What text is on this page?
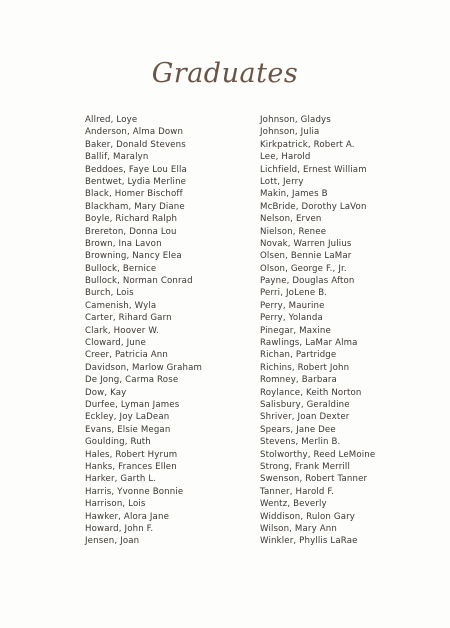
Graduates
Allred, Loye
Anderson, Alma Down
Baker, Donald Stevens
Ballif, Maralyn
Beddoes, Faye Lou Ella
Bentwet, Lydia Merline
Black, Homer Bischoff
Blackham, Mary Diane
Boyle, Richard Ralph
Brereton, Donna Lou
Brown, Ina Lavon
Browning, Nancy Elea
Bullock, Bernice
Bullock, Norman Conrad
Burch, Lois
Camenish, Wyla
Carter, Rihard Garn
Clark, Hoover W.
Cloward, June
Creer, Patricia Ann
Davidson, Marlow Graham
De Jong, Carma Rose
Dow, Kay
Durfee, Lyman James
Eckley, Joy LaDean
Evans, Elsie Megan
Goulding, Ruth
Hales, Robert Hyrum
Hanks, Frances Ellen
Harker, Garth L.
Harris, Yvonne Bonnie
Harrison, Lois
Hawker, Alora Jane
Howard, John F.
Jensen, Joan
Johnson, Gladys
Johnson, Julia
Kirkpatrick, Robert A.
Lee, Harold
Lichfield, Ernest William
Lott, Jerry
Makin, James B
McBride, Dorothy LaVon
Nelson, Erven
Nielson, Renee
Novak, Warren Julius
Olsen, Bennie LaMar
Olson, George F., Jr.
Payne, Douglas Afton
Perri, JoLene B.
Perry, Maurine
Perry, Yolanda
Pinegar, Maxine
Rawlings, LaMar Alma
Richan, Partridge
Richins, Robert John
Romney, Barbara
Roylance, Keith Norton
Salisbury, Geraldine
Shriver, Joan Dexter
Spears, Jane Dee
Stevens, Merlin B.
Stolworthy, Reed LeMoine
Strong, Frank Merrill
Swenson, Robert Tanner
Tanner, Harold F.
Wentz, Beverly
Widdison, Rulon Gary
Wilson, Mary Ann
Winkler, Phyllis LaRae
